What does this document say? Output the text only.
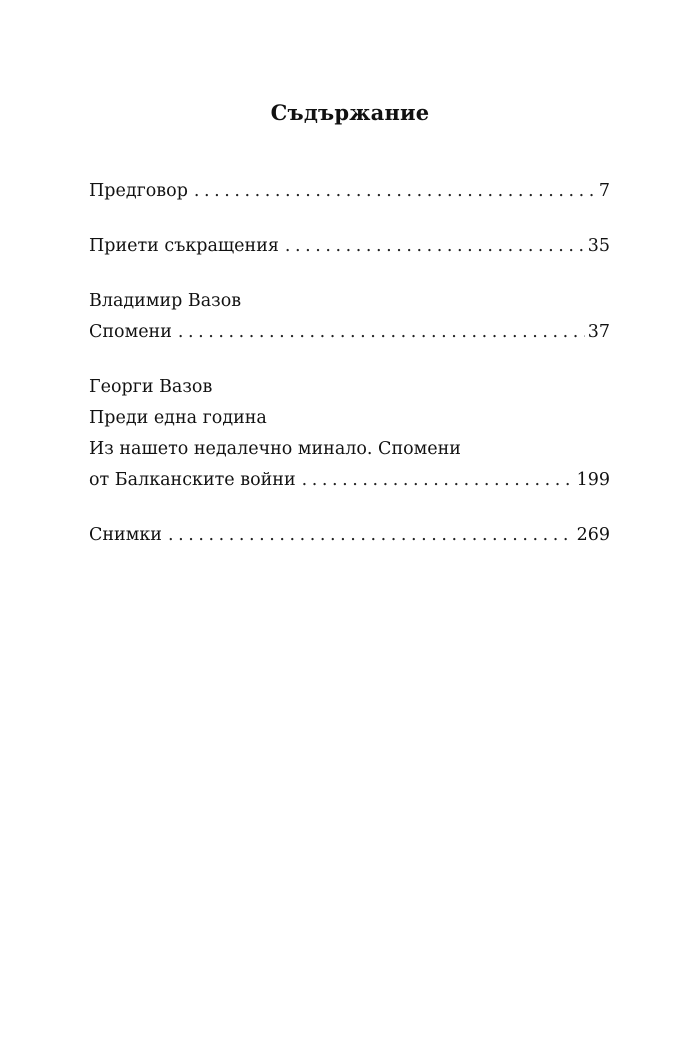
Съдържание
Предговор . . .	7
Приети съкращения . . .	35
Владимир Вазов
Спомени . . .	37
Георги Вазов
Преди една година
Из нашето недалечно минало. Спомени
от Балканските войни . . .	199
Снимки . . .	269
